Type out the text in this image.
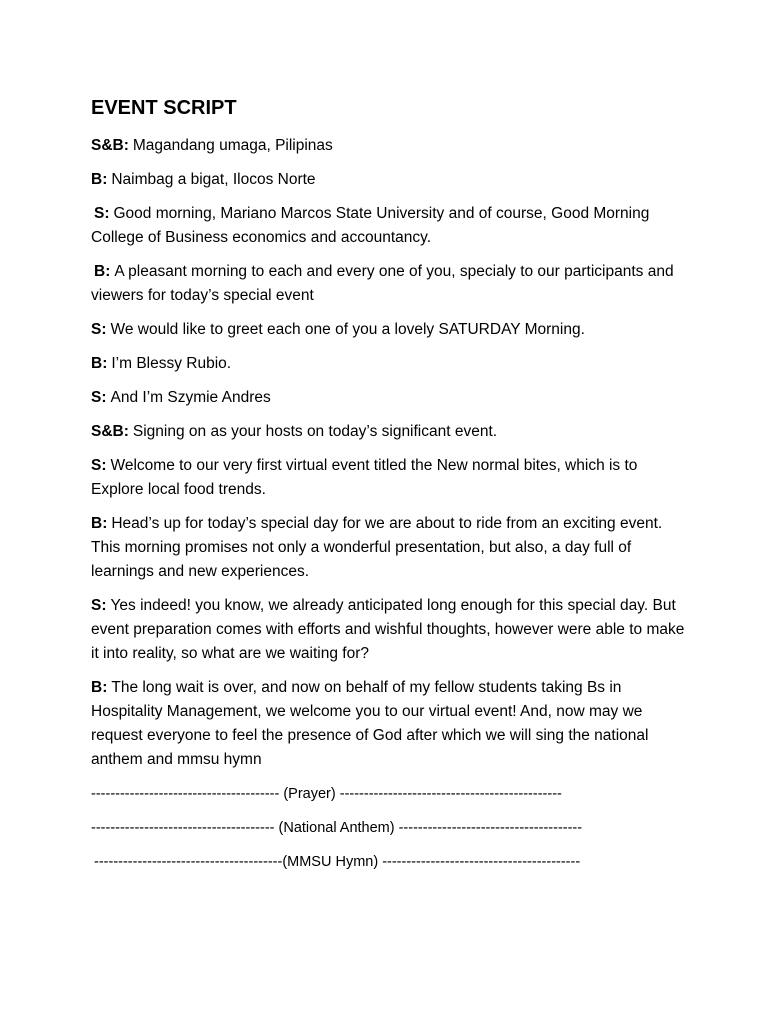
EVENT SCRIPT

S&B: Magandang umaga, Pilipinas

B: Naimbag a bigat, Ilocos Norte

S: Good morning, Mariano Marcos State University and of course, Good Morning College of Business economics and accountancy.

B: A pleasant morning to each and every one of you, specialy to our participants and viewers for today’s special event

S: We would like to greet each one of you a lovely SATURDAY Morning.

B: I’m Blessy Rubio.

S: And I’m Szymie Andres

S&B: Signing on as your hosts on today’s significant event.

S: Welcome to our very first virtual event titled the New normal bites, which is to Explore local food trends.

B: Head’s up for today’s special day for we are about to ride from an exciting event. This morning promises not only a wonderful presentation, but also, a day full of learnings and new experiences.

S: Yes indeed! you know, we already anticipated long enough for this special day. But event preparation comes with efforts and wishful thoughts, however were able to make it into reality, so what are we waiting for?

B: The long wait is over, and now on behalf of my fellow students taking Bs in Hospitality Management, we welcome you to our virtual event! And, now may we request everyone to feel the presence of God after which we will sing the national anthem and mmsu hymn

--------------------------------------- (Prayer) ----------------------------------------------

-------------------------------------- (National Anthem) --------------------------------------

---------------------------------------(MMSU Hymn) -----------------------------------------
